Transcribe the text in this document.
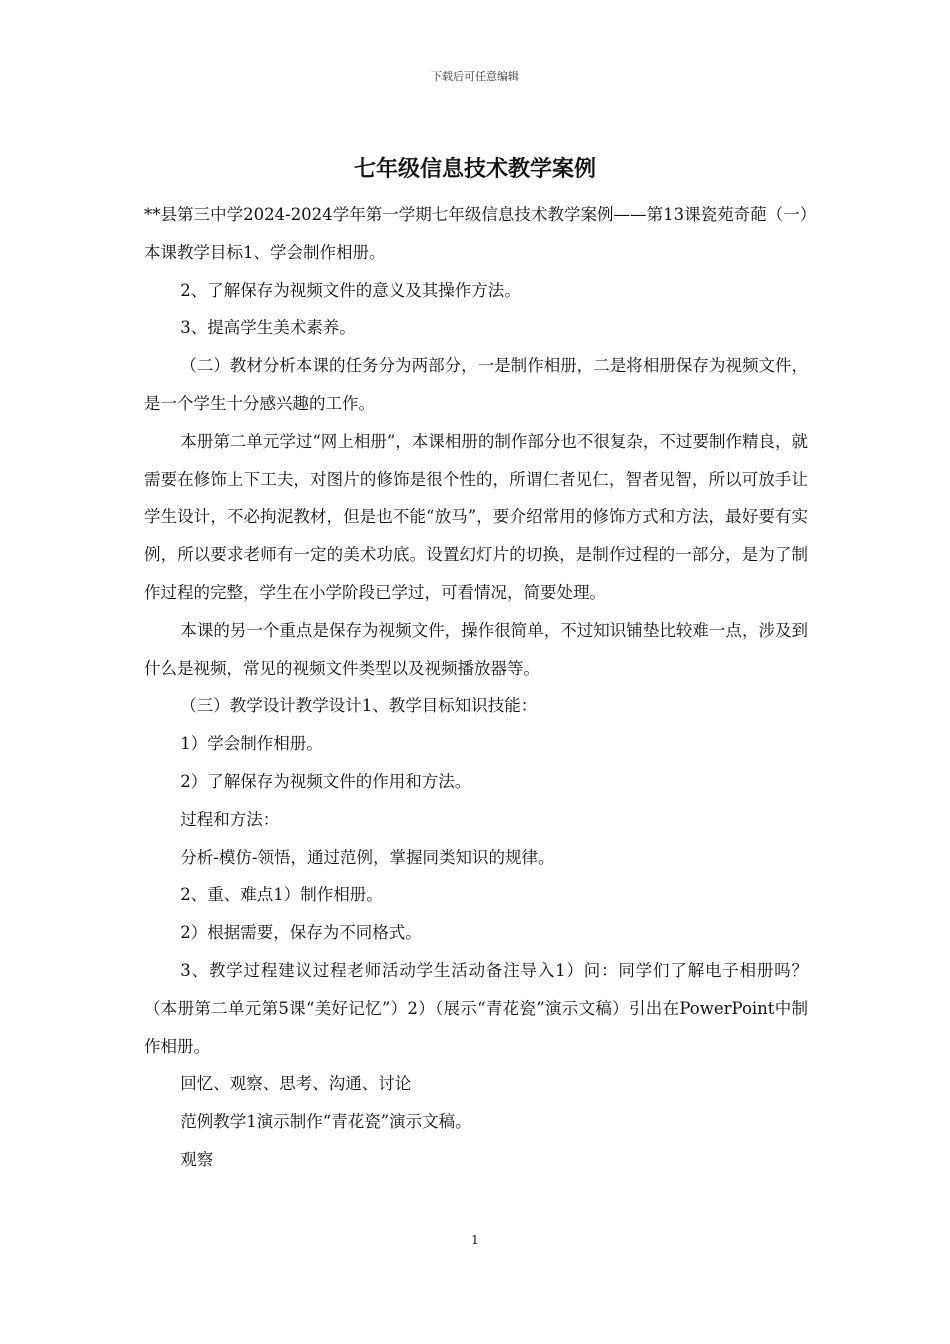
下载后可任意编辑
七年级信息技术教学案例

**县第三中学2024-2024学年第一学期七年级信息技术教学案例——第13课瓷苑奇葩（一）本课教学目标1、学会制作相册。

2、了解保存为视频文件的意义及其操作方法。

3、提高学生美术素养。

（二）教材分析本课的任务分为两部分，一是制作相册，二是将相册保存为视频文件，是一个学生十分感兴趣的工作。

本册第二单元学过“网上相册”，本课相册的制作部分也不很复杂，不过要制作精良，就需要在修饰上下工夫，对图片的修饰是很个性的，所谓仁者见仁，智者见智，所以可放手让学生设计，不必拘泥教材，但是也不能“放马”，要介绍常用的修饰方式和方法，最好要有实例，所以要求老师有一定的美术功底。设置幻灯片的切换，是制作过程的一部分，是为了制作过程的完整，学生在小学阶段已学过，可看情况，简要处理。

本课的另一个重点是保存为视频文件，操作很简单，不过知识铺垫比较难一点，涉及到什么是视频，常见的视频文件类型以及视频播放器等。

（三）教学设计教学设计1、教学目标知识技能：

1）学会制作相册。

2）了解保存为视频文件的作用和方法。

过程和方法：

分析-模仿-领悟，通过范例，掌握同类知识的规律。

2、重、难点1）制作相册。

2）根据需要，保存为不同格式。

3、教学过程建议过程老师活动学生活动备注导入1）问：同学们了解电子相册吗？（本册第二单元第5课“美好记忆”）2）（展示“青花瓷”演示文稿）引出在PowerPoint中制作相册。

回忆、观察、思考、沟通、讨论

范例教学1演示制作“青花瓷”演示文稿。

观察

1
